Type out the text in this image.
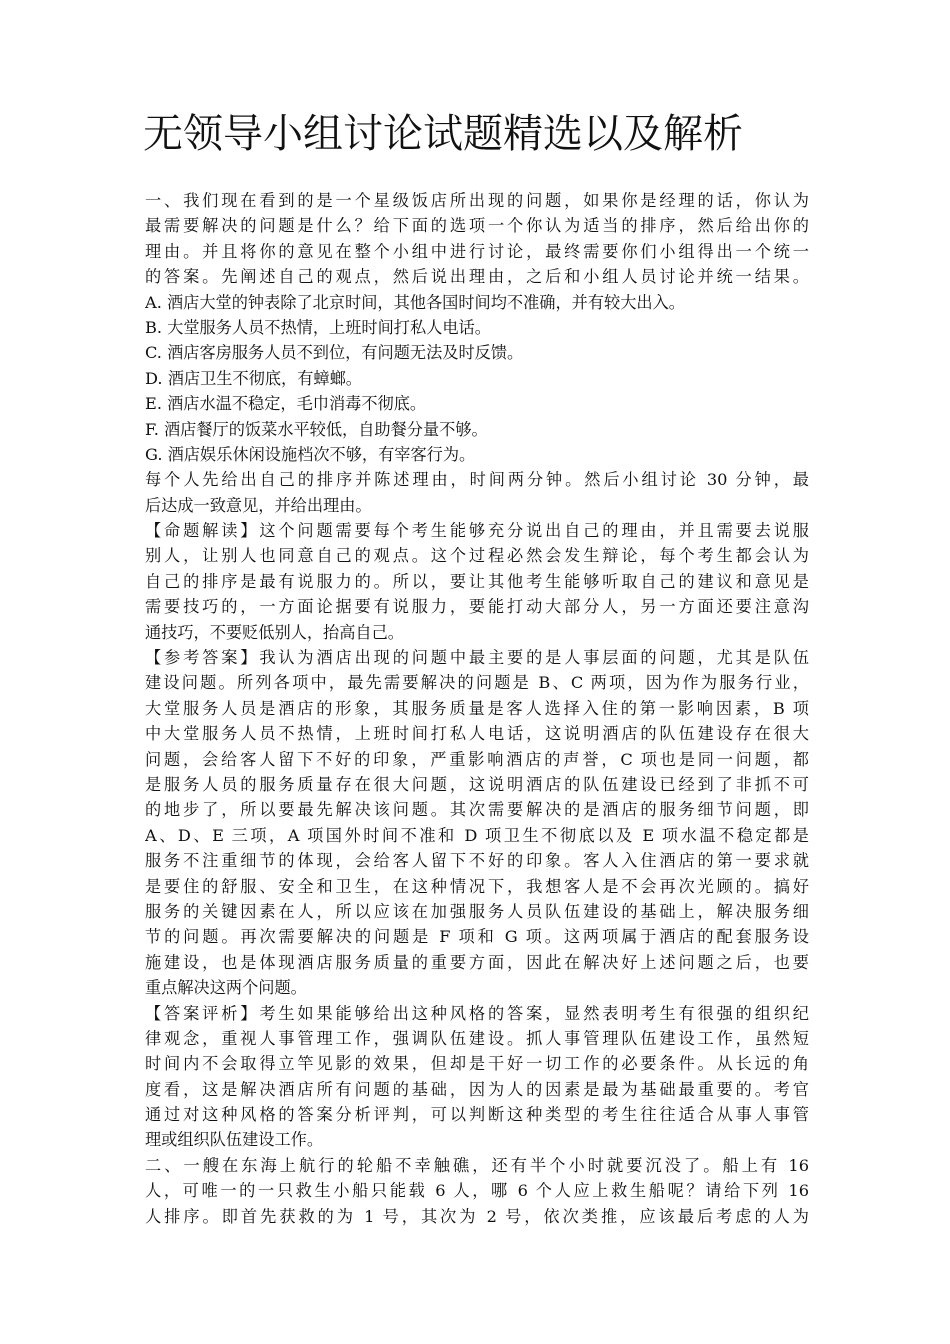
无领导小组讨论试题精选以及解析
一、我们现在看到的是一个星级饭店所出现的问题，如果你是经理的话，你认为
最需要解决的问题是什么？给下面的选项一个你认为适当的排序，然后给出你的
理由。并且将你的意见在整个小组中进行讨论，最终需要你们小组得出一个统一
的答案。先阐述自己的观点，然后说出理由，之后和小组人员讨论并统一结果。
A. 酒店大堂的钟表除了北京时间，其他各国时间均不准确，并有较大出入。
B. 大堂服务人员不热情，上班时间打私人电话。
C. 酒店客房服务人员不到位，有问题无法及时反馈。
D. 酒店卫生不彻底，有蟑螂。
E. 酒店水温不稳定，毛巾消毒不彻底。
F. 酒店餐厅的饭菜水平较低，自助餐分量不够。
G. 酒店娱乐休闲设施档次不够，有宰客行为。
每个人先给出自己的排序并陈述理由，时间两分钟。然后小组讨论 30 分钟，最
后达成一致意见，并给出理由。
【命题解读】这个问题需要每个考生能够充分说出自己的理由，并且需要去说服
别人，让别人也同意自己的观点。这个过程必然会发生辩论，每个考生都会认为
自己的排序是最有说服力的。所以，要让其他考生能够听取自己的建议和意见是
需要技巧的，一方面论据要有说服力，要能打动大部分人，另一方面还要注意沟
通技巧，不要贬低别人，抬高自己。
【参考答案】我认为酒店出现的问题中最主要的是人事层面的问题，尤其是队伍
建设问题。所列各项中，最先需要解决的问题是 B、C 两项，因为作为服务行业，
大堂服务人员是酒店的形象，其服务质量是客人选择入住的第一影响因素，B 项
中大堂服务人员不热情，上班时间打私人电话，这说明酒店的队伍建设存在很大
问题，会给客人留下不好的印象，严重影响酒店的声誉，C 项也是同一问题，都
是服务人员的服务质量存在很大问题，这说明酒店的队伍建设已经到了非抓不可
的地步了，所以要最先解决该问题。其次需要解决的是酒店的服务细节问题，即
A、D、E 三项，A 项国外时间不准和 D 项卫生不彻底以及 E 项水温不稳定都是
服务不注重细节的体现，会给客人留下不好的印象。客人入住酒店的第一要求就
是要住的舒服、安全和卫生，在这种情况下，我想客人是不会再次光顾的。搞好
服务的关键因素在人，所以应该在加强服务人员队伍建设的基础上，解决服务细
节的问题。再次需要解决的问题是 F 项和 G 项。这两项属于酒店的配套服务设
施建设，也是体现酒店服务质量的重要方面，因此在解决好上述问题之后，也要
重点解决这两个问题。
【答案评析】考生如果能够给出这种风格的答案，显然表明考生有很强的组织纪
律观念，重视人事管理工作，强调队伍建设。抓人事管理队伍建设工作，虽然短
时间内不会取得立竿见影的效果，但却是干好一切工作的必要条件。从长远的角
度看，这是解决酒店所有问题的基础，因为人的因素是最为基础最重要的。考官
通过对这种风格的答案分析评判，可以判断这种类型的考生往往适合从事人事管
理或组织队伍建设工作。
二、一艘在东海上航行的轮船不幸触礁，还有半个小时就要沉没了。船上有 16
人，可唯一的一只救生小船只能载 6 人，哪 6 个人应上救生船呢？请给下列 16
人排序。即首先获救的为 1 号，其次为 2 号，依次类推，应该最后考虑的人为
